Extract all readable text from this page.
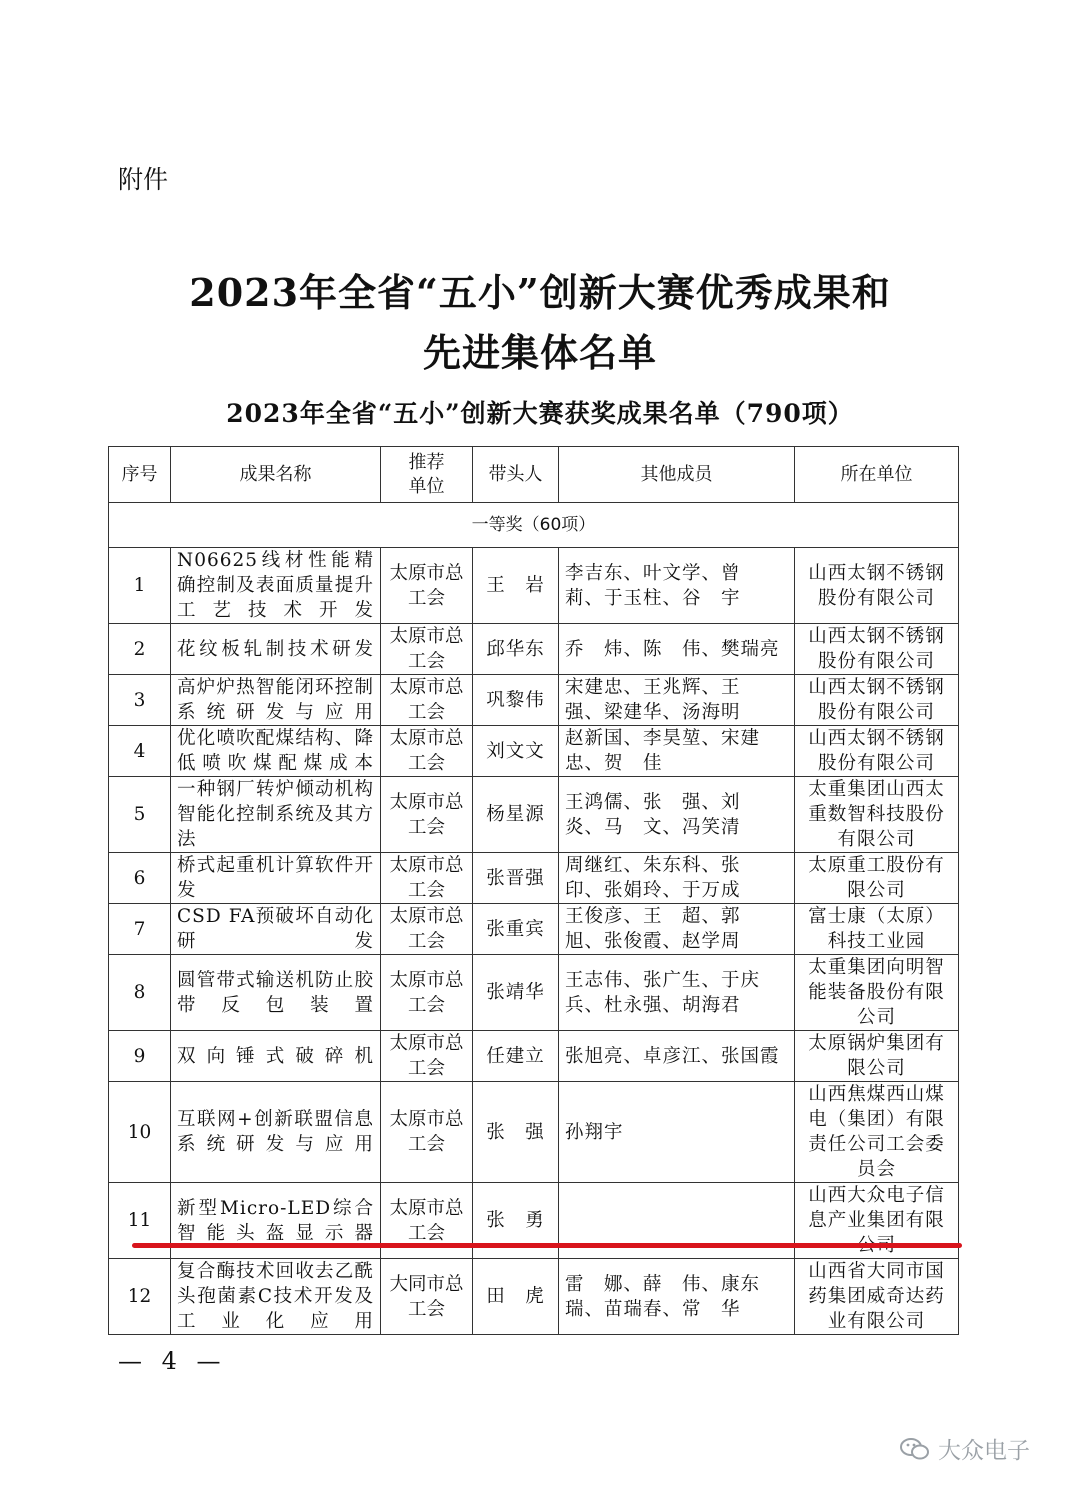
附件
2023年全省“五小”创新大赛优秀成果和
先进集体名单
2023年全省“五小”创新大赛获奖成果名单（790项）
序号	成果名称	推荐单位	带头人	其他成员	所在单位
一等奖（60项）					
1	N06625线材性能精确控制及表面质量提升工艺技术开发	太原市总工会	王　岩	李吉东、叶文学、曾　莉、于玉柱、谷　宇	山西太钢不锈钢股份有限公司
2	花纹板轧制技术研发	太原市总工会	邱华东	乔　炜、陈　伟、樊瑞亮	山西太钢不锈钢股份有限公司
3	高炉炉热智能闭环控制系统研发与应用	太原市总工会	巩黎伟	宋建忠、王兆辉、王　强、梁建华、汤海明	山西太钢不锈钢股份有限公司
4	优化喷吹配煤结构、降低喷吹煤配煤成本	太原市总工会	刘文文	赵新国、李昊堃、宋建忠、贺　佳	山西太钢不锈钢股份有限公司
5	一种钢厂转炉倾动机构智能化控制系统及其方法	太原市总工会	杨星源	王鸿儒、张　强、刘　炎、马　文、冯笑清	太重集团山西太重数智科技股份有限公司
6	桥式起重机计算软件开发	太原市总工会	张晋强	周继红、朱东科、张　印、张娟玲、于万成	太原重工股份有限公司
7	CSD FA预破坏自动化研发	太原市总工会	张重宾	王俊彦、王　超、郭　旭、张俊霞、赵学周	富士康（太原）科技工业园
8	圆管带式输送机防止胶带反包装置	太原市总工会	张靖华	王志伟、张广生、于庆兵、杜永强、胡海君	太重集团向明智能装备股份有限公司
9	双向锤式破碎机	太原市总工会	任建立	张旭亮、卓彦江、张国霞	太原锅炉集团有限公司
10	互联网+创新联盟信息系统研发与应用	太原市总工会	张　强	孙翔宇	山西焦煤西山煤电（集团）有限责任公司工会委员会
11	新型Micro-LED综合智能头盔显示器	太原市总工会	张　勇		山西大众电子信息产业集团有限
12	复合酶技术回收去乙酰头孢菌素C技术开发及工业化应用	大同市总工会	田　虎	雷　娜、薛　伟、康东瑞、苗瑞春、常　华	山西省大同市国药集团威奇达药业有限公司
— 4 —
大众电子
